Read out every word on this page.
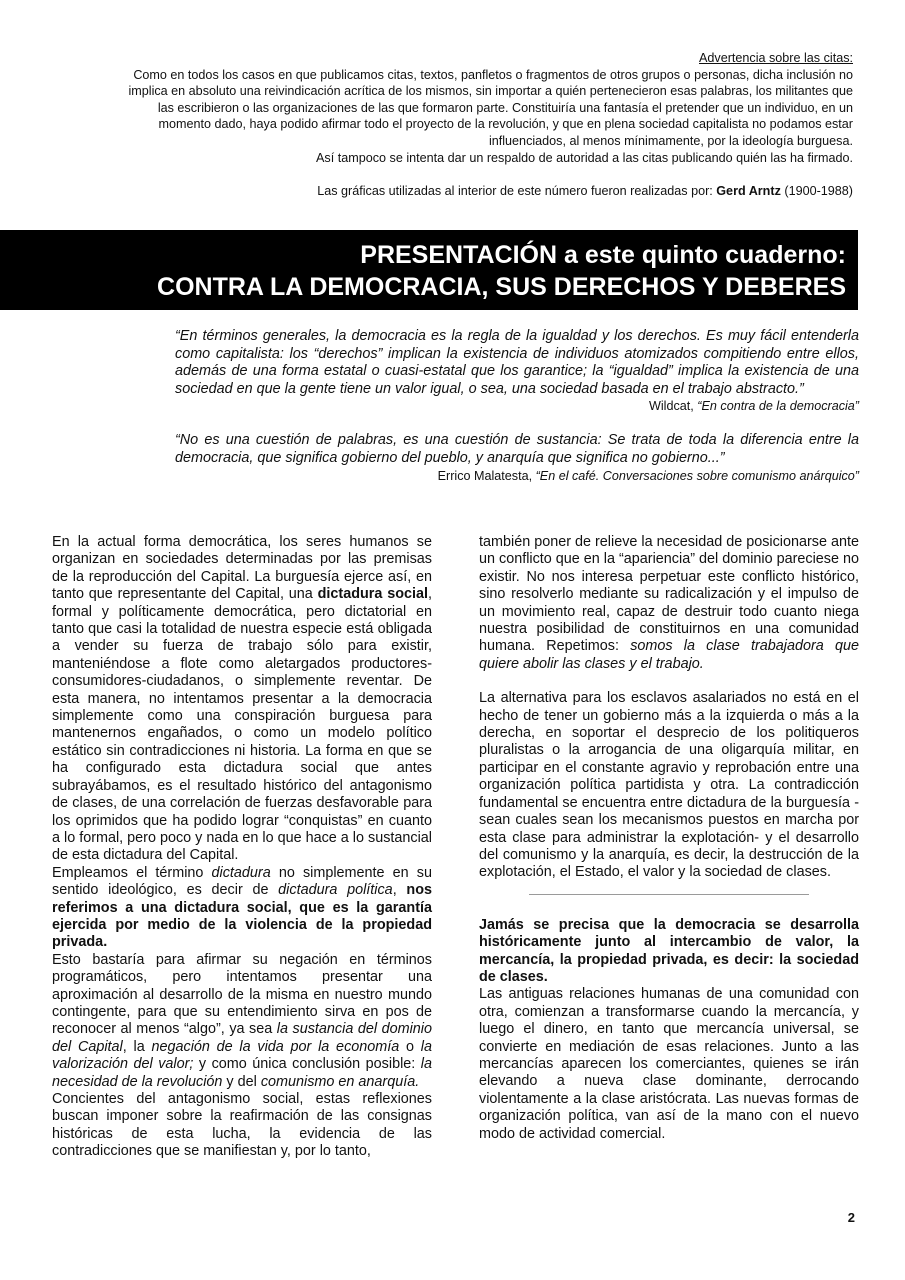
Advertencia sobre las citas:

Como en todos los casos en que publicamos citas, textos, panfletos o fragmentos de otros grupos o personas, dicha inclusión no

implica en absoluto una reivindicación acrítica de los mismos, sin importar a quién pertenecieron esas palabras, los militantes que

las escribieron o las organizaciones de las que formaron parte. Constituiría una fantasía el pretender que un individuo, en un

momento dado, haya podido afirmar todo el proyecto de la revolución, y que en plena sociedad capitalista no podamos estar

influenciados, al menos mínimamente, por la ideología burguesa.

Así tampoco se intenta dar un respaldo de autoridad a las citas publicando quién las ha firmado.

Las gráficas utilizadas al interior de este número fueron realizadas por: Gerd Arntz (1900-1988)

PRESENTACIÓN a este quinto cuaderno:
CONTRA LA DEMOCRACIA, SUS DERECHOS Y DEBERES
“En términos generales, la democracia es la regla de la igualdad y los derechos. Es muy fácil entenderla como capitalista: los “derechos” implican la existencia de individuos atomizados compitiendo entre ellos, además de una forma estatal o cuasi-estatal que los garantice; la “igualdad” implica la existencia de una sociedad en que la gente tiene un valor igual, o sea, una sociedad basada en el trabajo abstracto.”
Wildcat, “En contra de la democracia”
“No es una cuestión de palabras, es una cuestión de sustancia: Se trata de toda la diferencia entre la democracia, que significa gobierno del pueblo, y anarquía que significa no gobierno...”
Errico Malatesta, “En el café. Conversaciones sobre comunismo anárquico”

En la actual forma democrática, los seres humanos se organizan en sociedades determinadas por las premisas de la reproducción del Capital. La burguesía ejerce así, en tanto que representante del Capital, una dictadura social, formal y políticamente democrática, pero dictatorial en tanto que casi la totalidad de nuestra especie está obligada a vender su fuerza de trabajo sólo para existir, manteniéndose a flote como aletargados productores-consumidores-ciudadanos, o simplemente reventar. De esta manera, no intentamos presentar a la democracia simplemente como una conspiración burguesa para mantenernos engañados, o como un modelo político estático sin contradicciones ni historia. La forma en que se ha configurado esta dictadura social que antes subrayábamos, es el resultado histórico del antagonismo de clases, de una correlación de fuerzas desfavorable para los oprimidos que ha podido lograr “conquistas” en cuanto a lo formal, pero poco y nada en lo que hace a lo sustancial de esta dictadura del Capital.

Empleamos el término dictadura no simplemente en su sentido ideológico, es decir de dictadura política, nos referimos a una dictadura social, que es la garantía ejercida por medio de la violencia de la propiedad privada.

Esto bastaría para afirmar su negación en términos programáticos, pero intentamos presentar una aproximación al desarrollo de la misma en nuestro mundo contingente, para que su entendimiento sirva en pos de reconocer al menos “algo”, ya sea la sustancia del dominio del Capital, la negación de la vida por la economía o la valorización del valor; y como única conclusión posible: la necesidad de la revolución y del comunismo en anarquía.

Concientes del antagonismo social, estas reflexiones buscan imponer sobre la reafirmación de las consignas históricas de esta lucha, la evidencia de las contradicciones que se manifiestan y, por lo tanto,

también poner de relieve la necesidad de posicionarse ante un conflicto que en la “apariencia” del dominio pareciese no existir. No nos interesa perpetuar este conflicto histórico, sino resolverlo mediante su radicalización y el impulso de un movimiento real, capaz de destruir todo cuanto niega nuestra posibilidad de constituirnos en una comunidad humana. Repetimos: somos la clase trabajadora que quiere abolir las clases y el trabajo.

La alternativa para los esclavos asalariados no está en el hecho de tener un gobierno más a la izquierda o más a la derecha, en soportar el desprecio de los politiqueros pluralistas o la arrogancia de una oligarquía militar, en participar en el constante agravio y reprobación entre una organización política partidista y otra. La contradicción fundamental se encuentra entre dictadura de la burguesía -sean cuales sean los mecanismos puestos en marcha por esta clase para administrar la explotación- y el desarrollo del comunismo y la anarquía, es decir, la destrucción de la explotación, el Estado, el valor y la sociedad de clases.

Jamás se precisa que la democracia se desarrolla históricamente junto al intercambio de valor, la mercancía, la propiedad privada, es decir: la sociedad de clases.

Las antiguas relaciones humanas de una comunidad con otra, comienzan a transformarse cuando la mercancía, y luego el dinero, en tanto que mercancía universal, se convierte en mediación de esas relaciones. Junto a las mercancías aparecen los comerciantes, quienes se irán elevando a nueva clase dominante, derrocando violentamente a la clase aristócrata. Las nuevas formas de organización política, van así de la mano con el nuevo modo de actividad comercial.

2
